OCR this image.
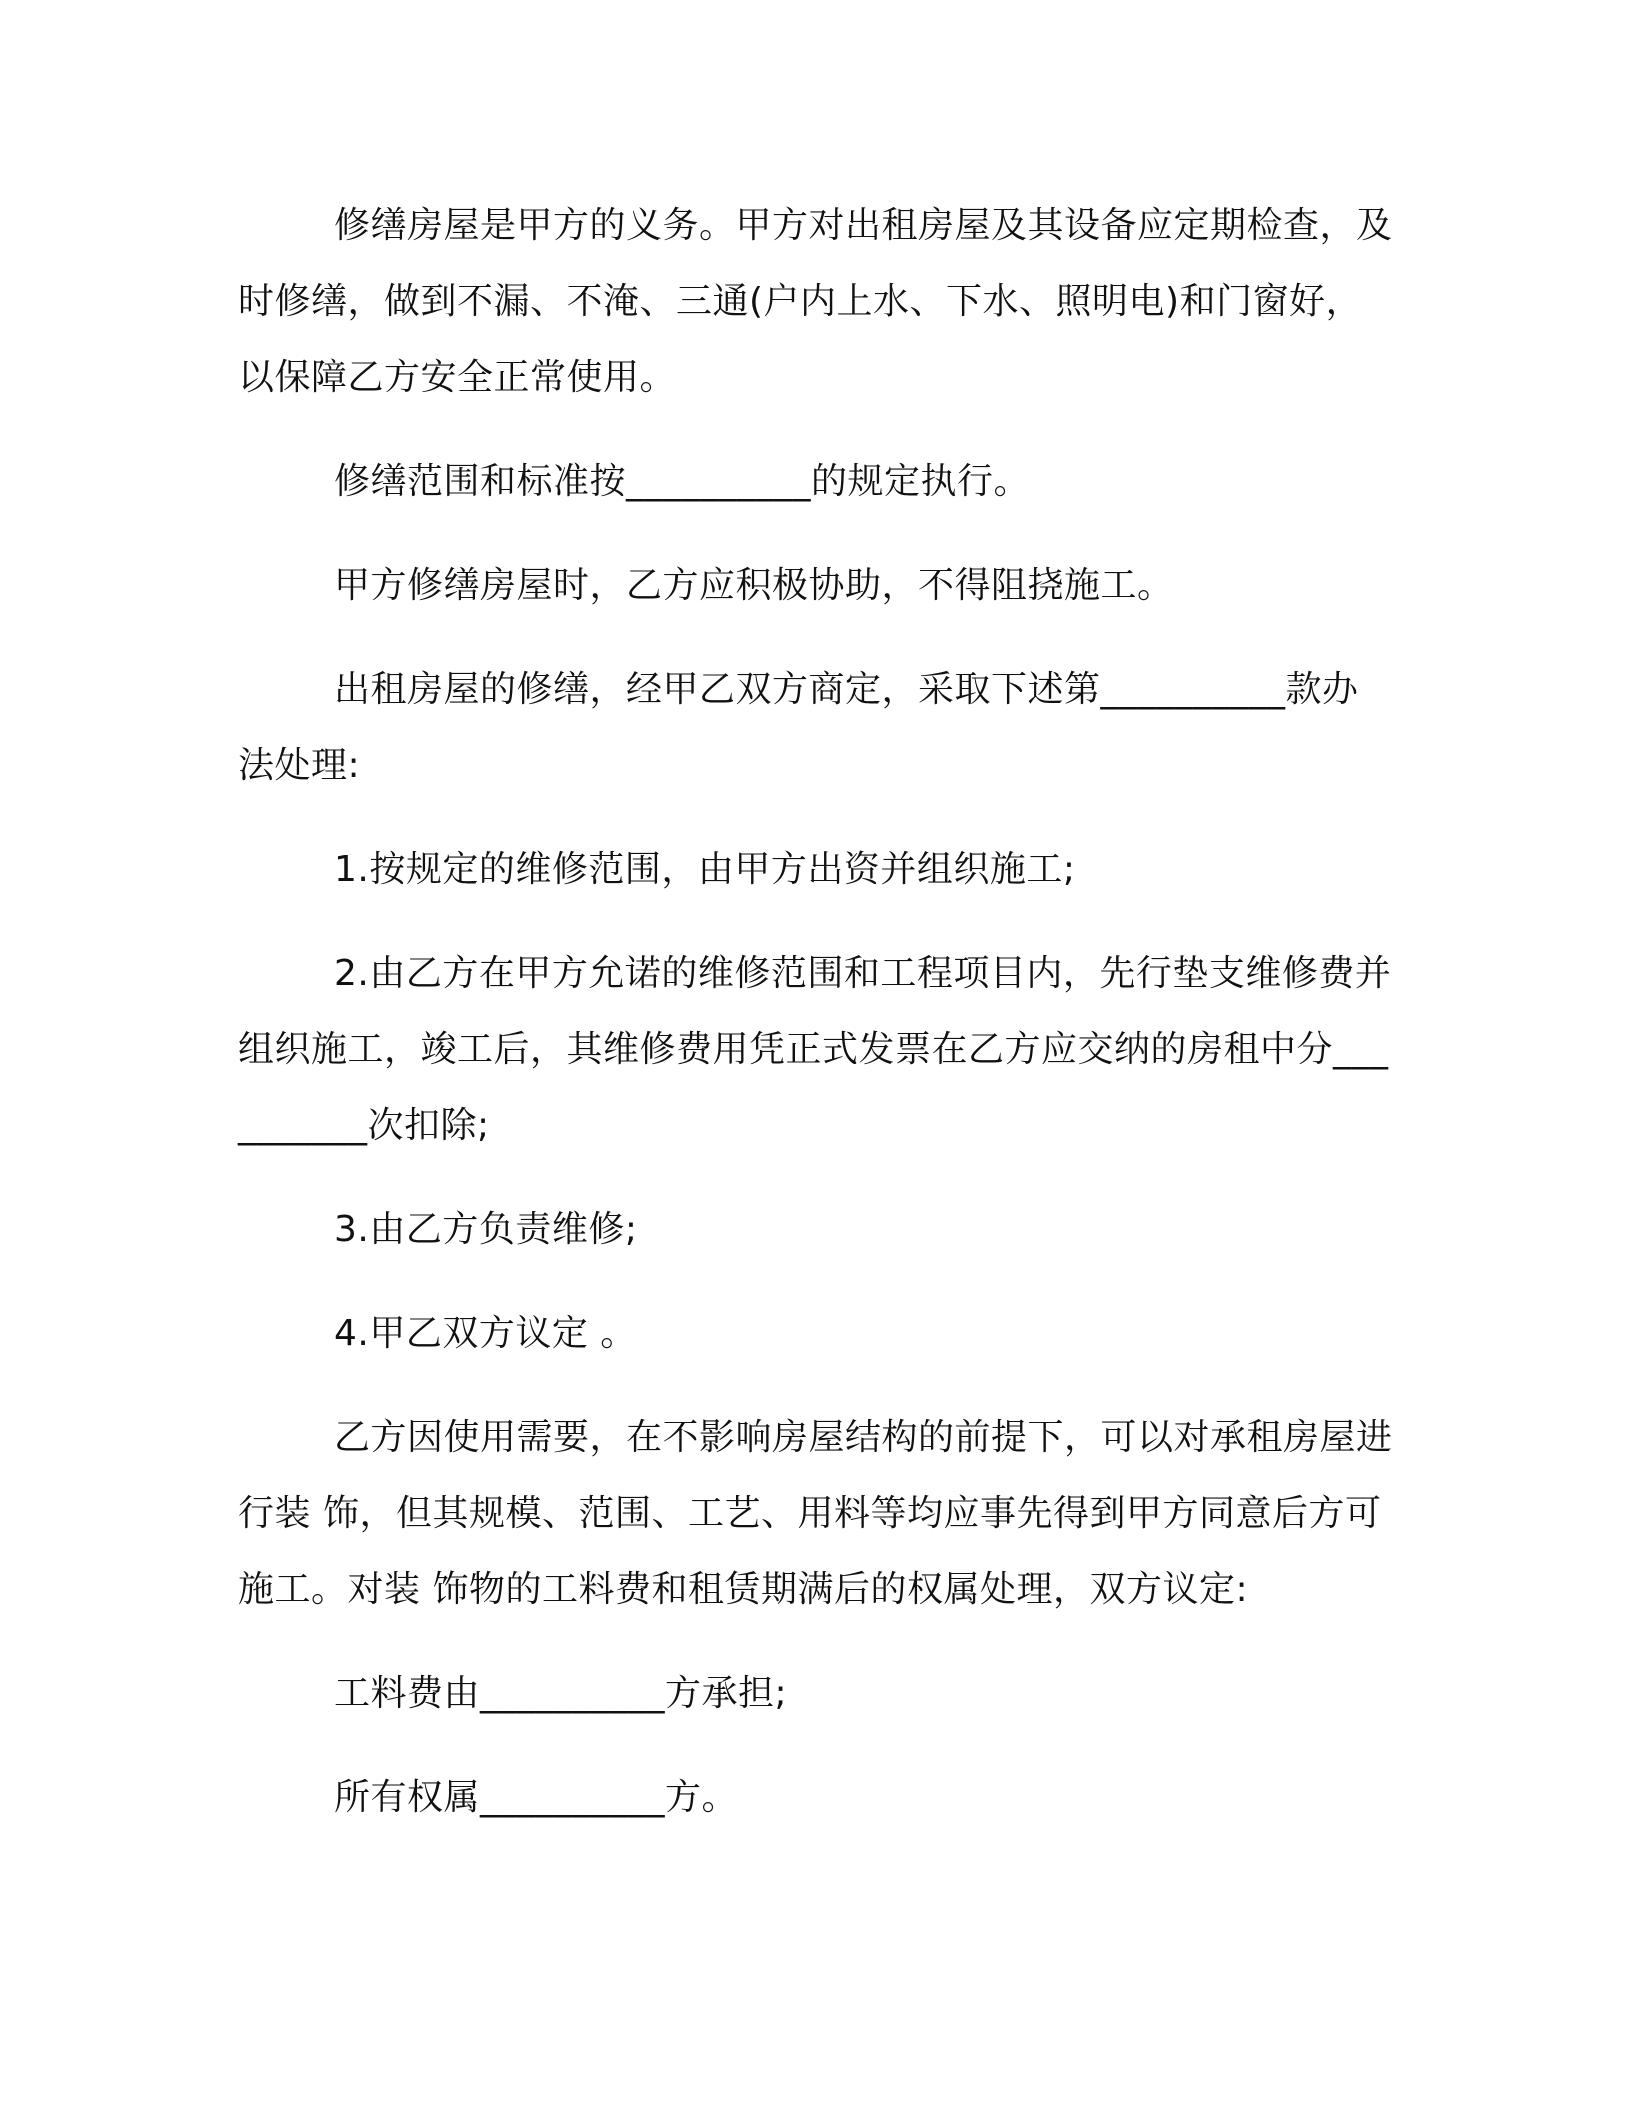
修缮房屋是甲方的义务。甲方对出租房屋及其设备应定期检查，及时修缮，做到不漏、不淹、三通(户内上水、下水、照明电)和门窗好，以保障乙方安全正常使用。

修缮范围和标准按__________的规定执行。

甲方修缮房屋时，乙方应积极协助，不得阻挠施工。

出租房屋的修缮，经甲乙双方商定，采取下述第__________款办法处理:

1.按规定的维修范围，由甲方出资并组织施工;

2.由乙方在甲方允诺的维修范围和工程项目内，先行垫支维修费并组织施工，竣工后，其维修费用凭正式发票在乙方应交纳的房租中分__________次扣除;

3.由乙方负责维修;

4.甲乙双方议定 。

乙方因使用需要，在不影响房屋结构的前提下，可以对承租房屋进行装 饰，但其规模、范围、工艺、用料等均应事先得到甲方同意后方可施工。对装 饰物的工料费和租赁期满后的权属处理，双方议定:

工料费由__________方承担;

所有权属__________方。
